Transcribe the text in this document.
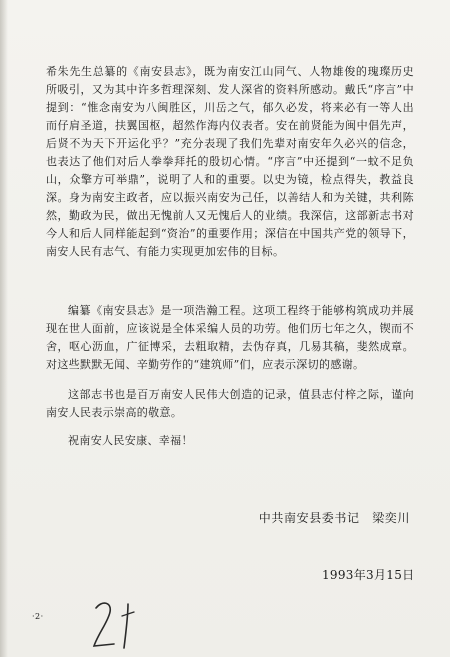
希朱先生总纂的《南安县志》，既为南安江山同气、人物雄俊的瑰璨历史所吸引，又为其中许多哲理深刻、发人深省的资料所感动。戴氏“序言”中提到：“惟念南安为八闽胜区，川岳之气，郁久必发，将来必有一等人出而仔肩圣道，扶翼国枢，超然作海内仪表者。安在前贤能为闽中倡先声，后贤不为天下开运化乎？”充分表现了我们先辈对南安年久必兴的信念，也表达了他们对后人拳拳拜托的殷切心情。“序言”中还提到“一蚊不足负山，众擎方可举鼎”，说明了人和的重要。以史为镜，检点得失，教益良深。身为南安主政者，应以振兴南安为己任，以善结人和为关键，共利陈然，勤政为民，做出无愧前人又无愧后人的业绩。我深信，这部新志书对今人和后人同样能起到“资治”的重要作用；深信在中国共产党的领导下，南安人民有志气、有能力实现更加宏伟的目标。

编纂《南安县志》是一项浩瀚工程。这项工程终于能够构筑成功并展现在世人面前，应该说是全体采编人员的功劳。他们历七年之久，锲而不舍，呕心沥血，广征博采，去粗取精，去伪存真，几易其稿，斐然成章。对这些默默无闻、辛勤劳作的“建筑师”们，应表示深切的感谢。

这部志书也是百万南安人民伟大创造的记录，值县志付梓之际，谨向南安人民表示崇高的敬意。

祝南安人民安康、幸福！

中共南安县委书记　梁奕川
1993年3月15日
·2·
